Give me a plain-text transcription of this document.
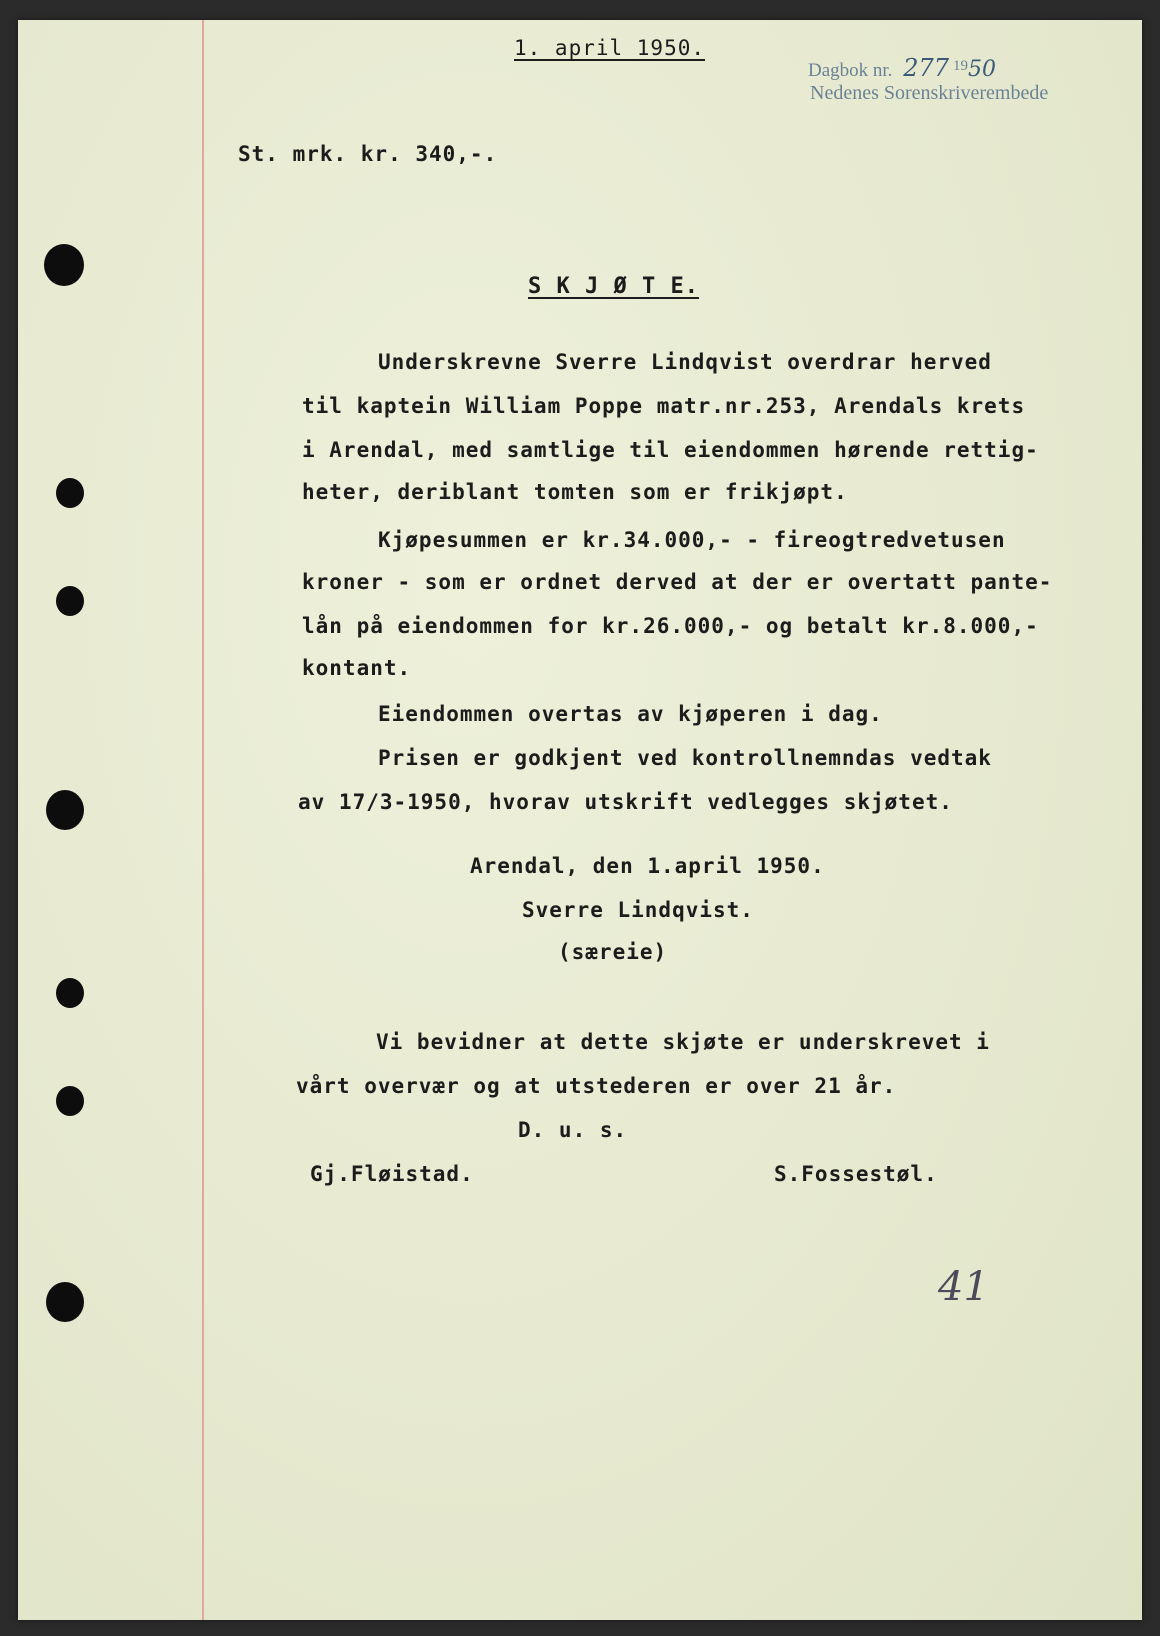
1. april 1950.
Dagbok nr. 277 $^{19}$50
Nedenes Sorenskriverembede
St. mrk. kr. 340,-.
S K J Ø T E.
Underskrevne Sverre Lindqvist overdrar herved
til kaptein William Poppe matr.nr.253, Arendals krets
i Arendal, med samtlige til eiendommen hørende rettig-
heter, deriblant tomten som er frikjøpt.
Kjøpesummen er kr.34.000,- - fireogtredvetusen
kroner - som er ordnet derved at der er overtatt pante-
lån på eiendommen for kr.26.000,- og betalt kr.8.000,-
kontant.
Eiendommen overtas av kjøperen i dag.
Prisen er godkjent ved kontrollnemndas vedtak
av 17/3-1950, hvorav utskrift vedlegges skjøtet.
Arendal, den 1.april 1950.
Sverre Lindqvist.
(særeie)
Vi bevidner at dette skjøte er underskrevet i
vårt overvær og at utstederen er over 21 år.
D. u. s.
Gj.Fløistad.	S.Fossestøl.
41
